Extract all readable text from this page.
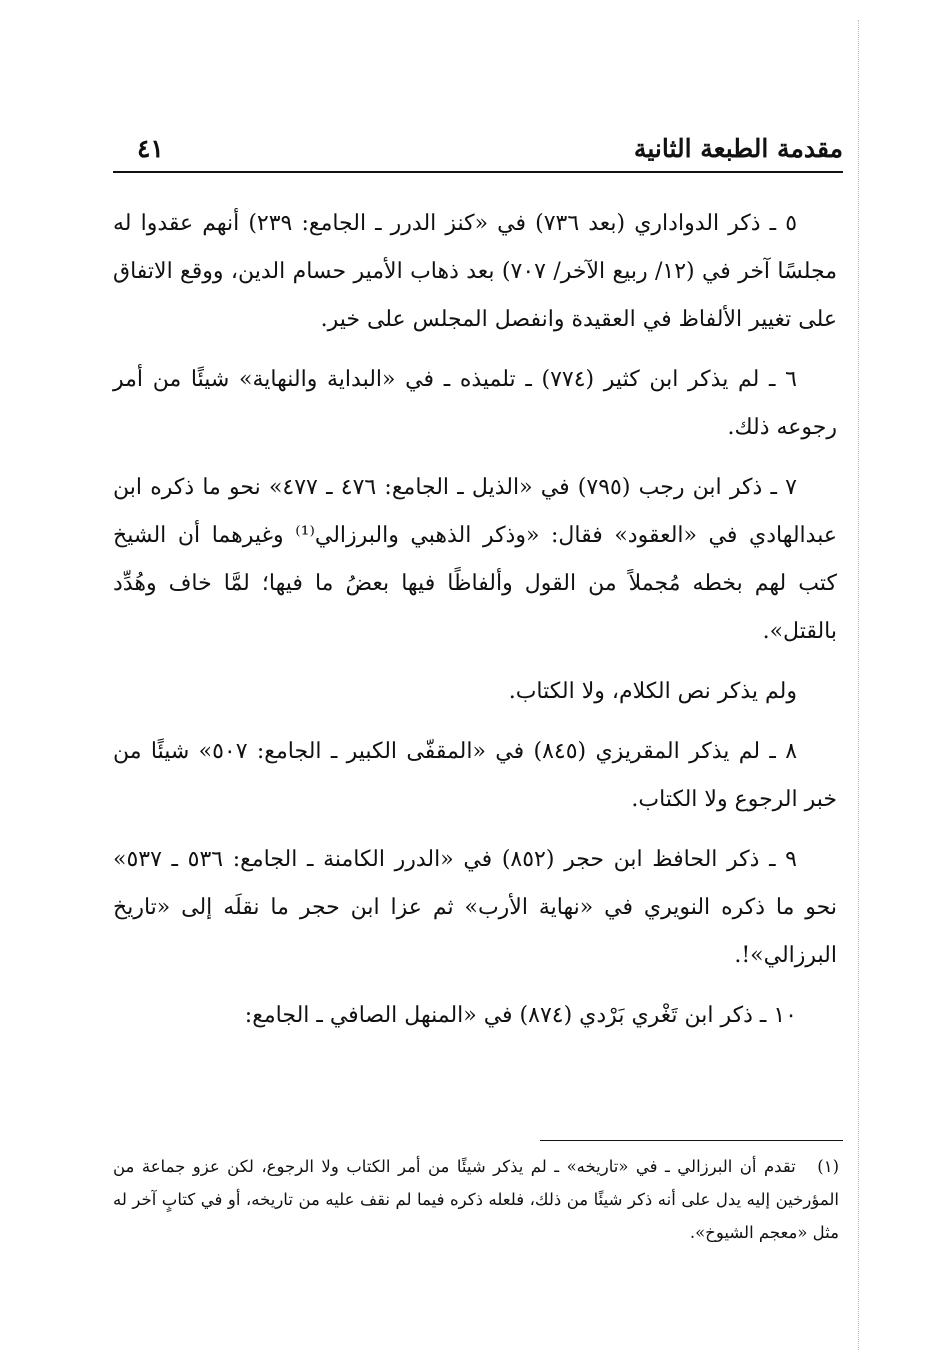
مقدمة الطبعة الثانية
٤١

٥ ـ ذكر الدواداري (بعد ٧٣٦) في «كنز الدرر ـ الجامع: ٢٣٩) أنهم عقدوا له مجلسًا آخر في (١٢/ ربيع الآخر/ ٧٠٧) بعد ذهاب الأمير حسام الدين، ووقع الاتفاق على تغيير الألفاظ في العقيدة وانفصل المجلس على خير.

٦ ـ لم يذكر ابن كثير (٧٧٤) ـ تلميذه ـ في «البداية والنهاية» شيئًا من أمر رجوعه ذلك.

٧ ـ ذكر ابن رجب (٧٩٥) في «الذيل ـ الجامع: ٤٧٦ ـ ٤٧٧» نحو ما ذكره ابن عبدالهادي في «العقود» فقال: «وذكر الذهبي والبرزالي⁽¹⁾ وغيرهما أن الشيخ كتب لهم بخطه مُجملاً من القول وألفاظًا فيها بعضُ ما فيها؛ لمَّا خاف وهُدِّد بالقتل».

ولم يذكر نص الكلام، ولا الكتاب.

٨ ـ لم يذكر المقريزي (٨٤٥) في «المقفّى الكبير ـ الجامع: ٥٠٧» شيئًا من خبر الرجوع ولا الكتاب.

٩ ـ ذكر الحافظ ابن حجر (٨٥٢) في «الدرر الكامنة ـ الجامع: ٥٣٦ ـ ٥٣٧» نحو ما ذكره النويري في «نهاية الأرب» ثم عزا ابن حجر ما نقلَه إلى «تاريخ البرزالي»!.

١٠ ـ ذكر ابن تَغْري بَرْدي (٨٧٤) في «المنهل الصافي ـ الجامع:

(١) تقدم أن البرزالي ـ في «تاريخه» ـ لم يذكر شيئًا من أمر الكتاب ولا الرجوع، لكن عزو جماعة من المؤرخين إليه يدل على أنه ذكر شيئًا من ذلك، فلعله ذكره فيما لم نقف عليه من تاريخه، أو في كتابٍ آخر له مثل «معجم الشيوخ».
